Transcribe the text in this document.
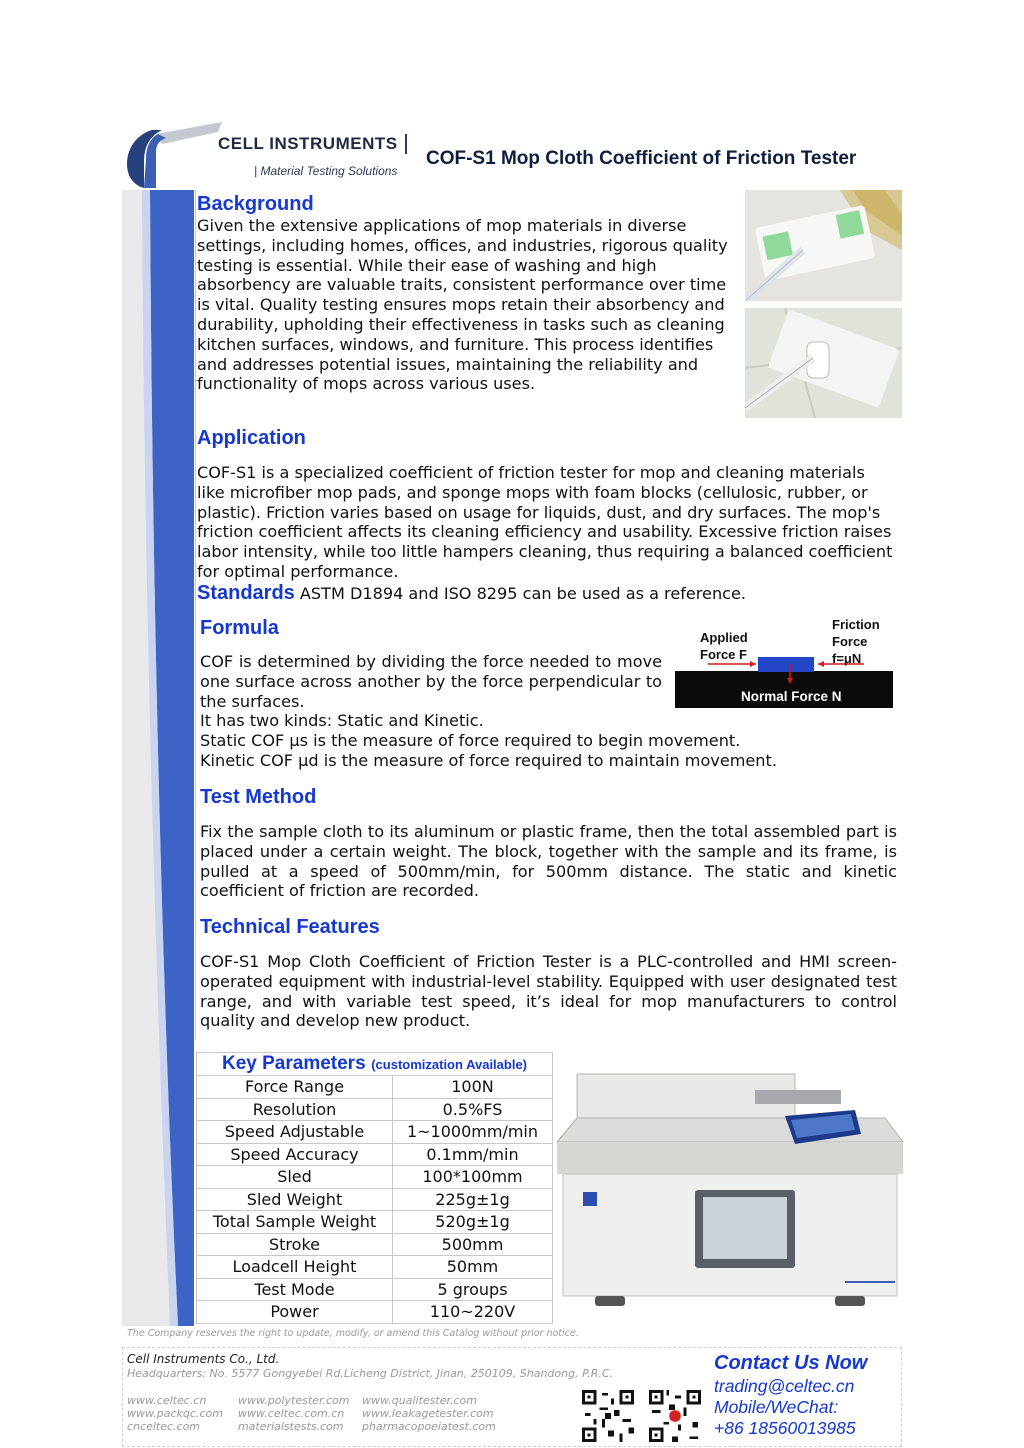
CELL INSTRUMENTS
| Material Testing Solutions
COF-S1 Mop Cloth Coefficient of Friction Tester
Background
Given the extensive applications of mop materials in diverse settings, including homes, offices, and industries, rigorous quality testing is essential. While their ease of washing and high absorbency are valuable traits, consistent performance over time is vital. Quality testing ensures mops retain their absorbency and durability, upholding their effectiveness in tasks such as cleaning kitchen surfaces, windows, and furniture. This process identifies and addresses potential issues, maintaining the reliability and functionality of mops across various uses.
Application
COF-S1 is a specialized coefficient of friction tester for mop and cleaning materials like microfiber mop pads, and sponge mops with foam blocks (cellulosic, rubber, or plastic). Friction varies based on usage for liquids, dust, and dry surfaces. The mop's friction coefficient affects its cleaning efficiency and usability. Excessive friction raises labor intensity, while too little hampers cleaning, thus requiring a balanced coefficient for optimal performance.
Standards ASTM D1894 and ISO 8295 can be used as a reference.
Formula
COF is determined by dividing the force needed to move one surface across another by the force perpendicular to the surfaces.
It has two kinds: Static and Kinetic.
Static COF μs is the measure of force required to begin movement.
Kinetic COF μd is the measure of force required to maintain movement.
Applied
Force F
Friction
Force
f=μN
Normal Force N
Test Method
Fix the sample cloth to its aluminum or plastic frame, then the total assembled part is placed under a certain weight. The block, together with the sample and its frame, is pulled at a speed of 500mm/min, for 500mm distance. The static and kinetic coefficient of friction are recorded.
Technical Features
COF-S1 Mop Cloth Coefficient of Friction Tester is a PLC-controlled and HMI screen-operated equipment with industrial-level stability. Equipped with user designated test range, and with variable test speed, it’s ideal for mop manufacturers to control quality and develop new product.
Key Parameters (customization Available)	
Force Range	100N
Resolution	0.5%FS
Speed Adjustable	1~1000mm/min
Speed Accuracy	0.1mm/min
Sled	100*100mm
Sled Weight	225g±1g
Total Sample Weight	520g±1g
Stroke	500mm
Loadcell Height	50mm
Test Mode	5 groups
Power	110~220V
The Company reserves the right to update, modify, or amend this Catalog without prior notice.
Cell Instruments Co., Ltd.
Headquarters: No. 5577 Gongyebei Rd,Licheng District, Jinan, 250109, Shandong, P.R.C.
www.celtec.cn
www.packqc.com
cnceltec.com
www.polytester.com
www.celtec.com.cn
materialstests.com
www.qualitester.com
www.leakagetester.com
pharmacopoeiatest.com
Contact Us Now
trading@celtec.cn
Mobile/WeChat:
+86 18560013985
